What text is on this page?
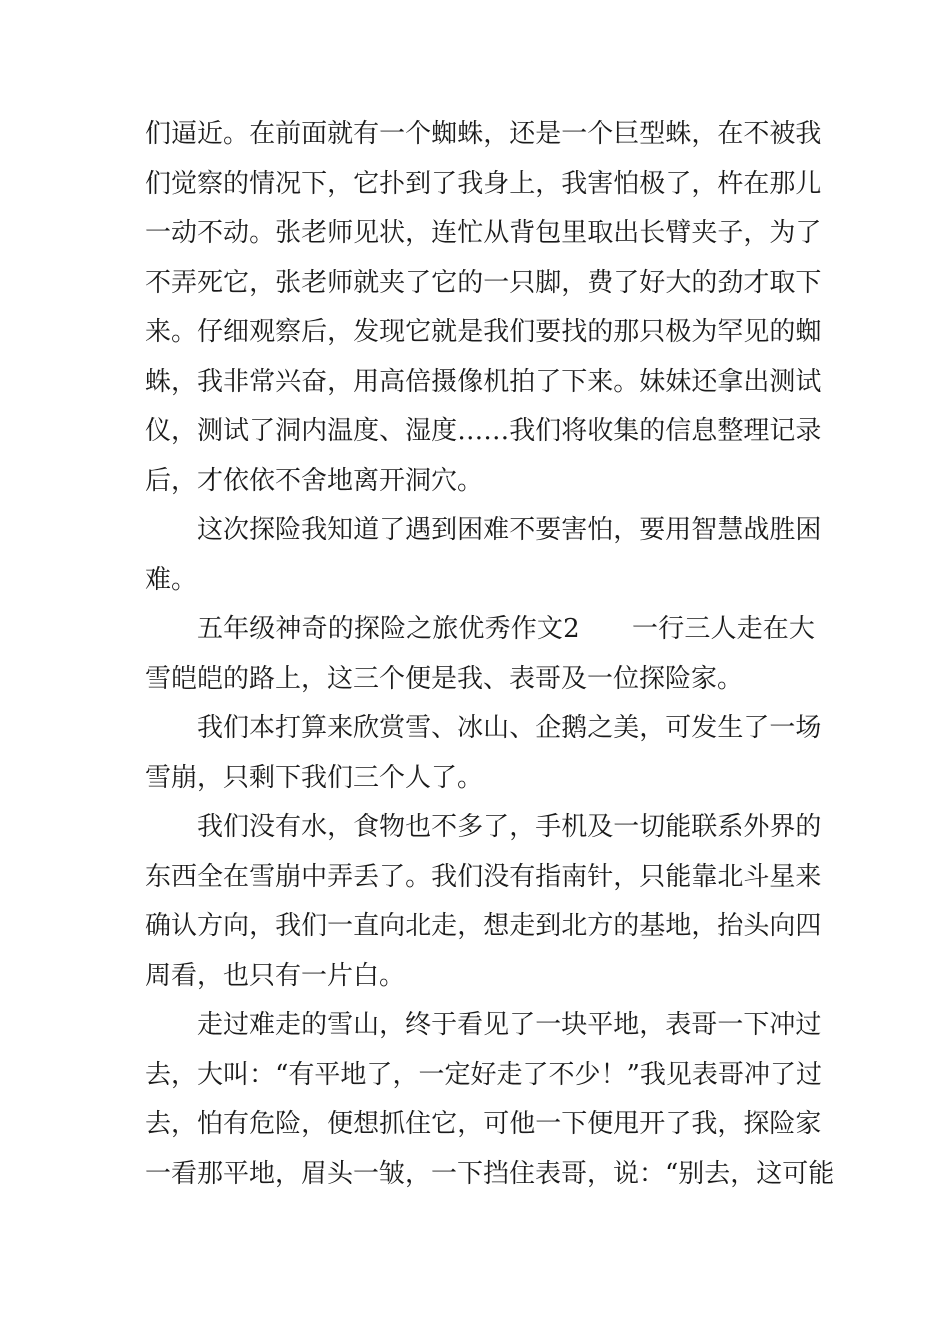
们 逼 近 。 在 前 面 就 有 一 个 蜘 蛛 ， 还 是 一 个 巨 型 蛛 ， 在 不 被 我
们 觉 察 的 情 况 下 ， 它 扑 到 了 我 身 上 ， 我 害 怕 极 了 ， 杵 在 那 儿
一 动 不 动 。 张 老 师 见 状 ， 连 忙 从 背 包 里 取 出 长 臂 夹 子 ， 为 了
不 弄 死 它 ， 张 老 师 就 夹 了 它 的 一 只 脚 ， 费 了 好 大 的 劲 才 取 下
来 。 仔 细 观 察 后 ， 发 现 它 就 是 我 们 要 找 的 那 只 极 为 罕 见 的 蜘
蛛 ， 我 非 常 兴 奋 ， 用 高 倍 摄 像 机 拍 了 下 来 。 妹 妹 还 拿 出 测 试
仪 ， 测 试 了 洞 内 温 度 、 湿 度 … … 我 们 将 收 集 的 信 息 整 理 记 录
后，才依依不舍地离开洞穴。
这 次 探 险 我 知 道 了 遇 到 困 难 不 要 害 怕 ， 要 用 智 慧 战 胜 困
难。
五 年 级 神 奇 的 探 险 之 旅 优 秀 作 文 2

　 一 行 三 人 走 在 大
雪皑皑的路上，这三个便是我、表哥及一位探险家。
我 们 本 打 算 来 欣 赏 雪 、 冰 山 、 企 鹅 之 美 ， 可 发 生 了 一 场
雪崩，只剩下我们三个人了。
我 们 没 有 水 ， 食 物 也 不 多 了 ， 手 机 及 一 切 能 联 系 外 界 的
东 西 全 在 雪 崩 中 弄 丢 了 。 我 们 没 有 指 南 针 ， 只 能 靠 北 斗 星 来
确 认 方 向 ， 我 们 一 直 向 北 走 ， 想 走 到 北 方 的 基 地 ， 抬 头 向 四
周看，也只有一片白。
走 过 难 走 的 雪 山 ， 终 于 看 见 了 一 块 平 地 ， 表 哥 一 下 冲 过
去 ， 大 叫 ： “ 有 平 地 了 ， 一 定 好 走 了 不 少 ！ ” 我 见 表 哥 冲 了 过
去 ， 怕 有 危 险 ， 便 想 抓 住 它 ， 可 他 一 下 便 甩 开 了 我 ， 探 险 家
一看那平地，眉头一皱，一下挡住表哥，说：“别去，这可能
